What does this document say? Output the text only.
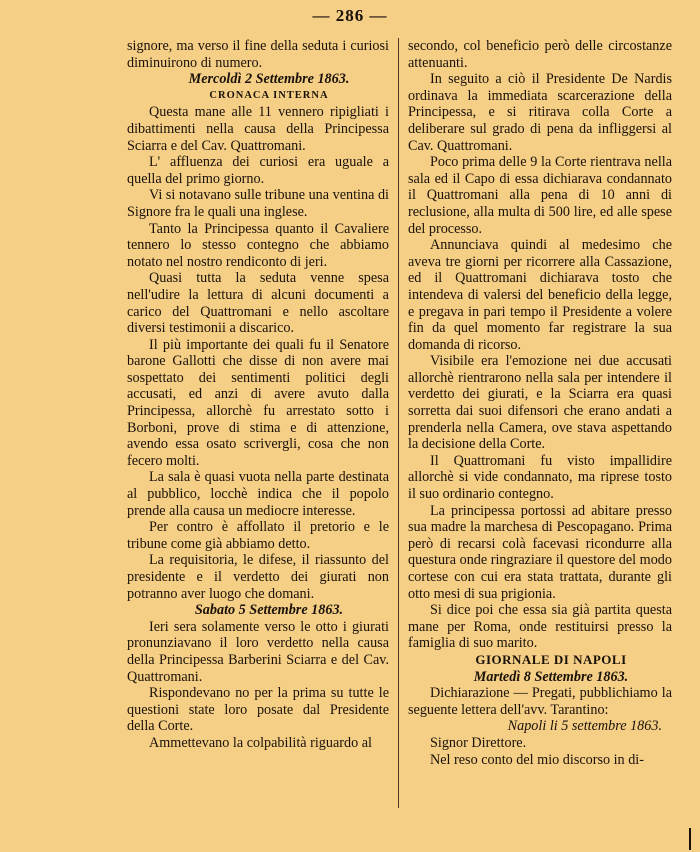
— 286 —

signore, ma verso il fine della seduta i curiosi diminuirono di numero.

Mercoldì 2 Settembre 1863.

CRONACA INTERNA

Questa mane alle 11 vennero ripigliati i dibattimenti nella causa della Principessa Sciarra e del Cav. Quattromani.

L' affluenza dei curiosi era uguale a quella del primo giorno.

Vi si notavano sulle tribune una ventina di Signore fra le quali una inglese.

Tanto la Principessa quanto il Cavaliere tennero lo stesso contegno che abbiamo notato nel nostro rendiconto di jeri.

Quasi tutta la seduta venne spesa nell'udire la lettura di alcuni documenti a carico del Quattromani e nello ascoltare diversi testimonii a discarico.

Il più importante dei quali fu il Senatore barone Gallotti che disse di non avere mai sospettato dei sentimenti politici degli accusati, ed anzi di avere avuto dalla Principessa, allorchè fu arrestato sotto i Borboni, prove di stima e di attenzione, avendo essa osato scrivergli, cosa che non fecero molti.

La sala è quasi vuota nella parte destinata al pubblico, locchè indica che il popolo prende alla causa un mediocre interesse.

Per contro è affollato il pretorio e le tribune come già abbiamo detto.

La requisitoria, le difese, il riassunto del presidente e il verdetto dei giurati non potranno aver luogo che domani.

Sabato 5 Settembre 1863.

Ieri sera solamente verso le otto i giurati pronunziavano il loro verdetto nella causa della Principessa Barberini Sciarra e del Cav. Quattromani.

Rispondevano no per la prima su tutte le questioni state loro posate dal Presidente della Corte.

Ammettevano la colpabilità riguardo al

secondo, col beneficio però delle circostanze attenuanti.

In seguito a ciò il Presidente De Nardis ordinava la immediata scarcerazione della Principessa, e si ritirava colla Corte a deliberare sul grado di pena da infliggersi al Cav. Quattromani.

Poco prima delle 9 la Corte rientrava nella sala ed il Capo di essa dichiarava condannato il Quattromani alla pena di 10 anni di reclusione, alla multa di 500 lire, ed alle spese del processo.

Annunciava quindi al medesimo che aveva tre giorni per ricorrere alla Cassazione, ed il Quattromani dichiarava tosto che intendeva di valersi del beneficio della legge, e pregava in pari tempo il Presidente a volere fin da quel momento far registrare la sua domanda di ricorso.

Visibile era l'emozione nei due accusati allorchè rientrarono nella sala per intendere il verdetto dei giurati, e la Sciarra era quasi sorretta dai suoi difensori che erano andati a prenderla nella Camera, ove stava aspettando la decisione della Corte.

Il Quattromani fu visto impallidire allorchè si vide condannato, ma riprese tosto il suo ordinario contegno.

La principessa portossi ad abitare presso sua madre la marchesa di Pescopagano. Prima però di recarsi colà facevasi ricondurre alla questura onde ringraziare il questore del modo cortese con cui era stata trattata, durante gli otto mesi di sua prigionia.

Si dice poi che essa sia già partita questa mane per Roma, onde restituirsi presso la famiglia di suo marito.

GIORNALE DI NAPOLI

Martedì 8 Settembre 1863.

Dichiarazione — Pregati, pubblichiamo la seguente lettera dell'avv. Tarantino:

Napoli li 5 settembre 1863.

Signor Direttore.

Nel reso conto del mio discorso in di-
